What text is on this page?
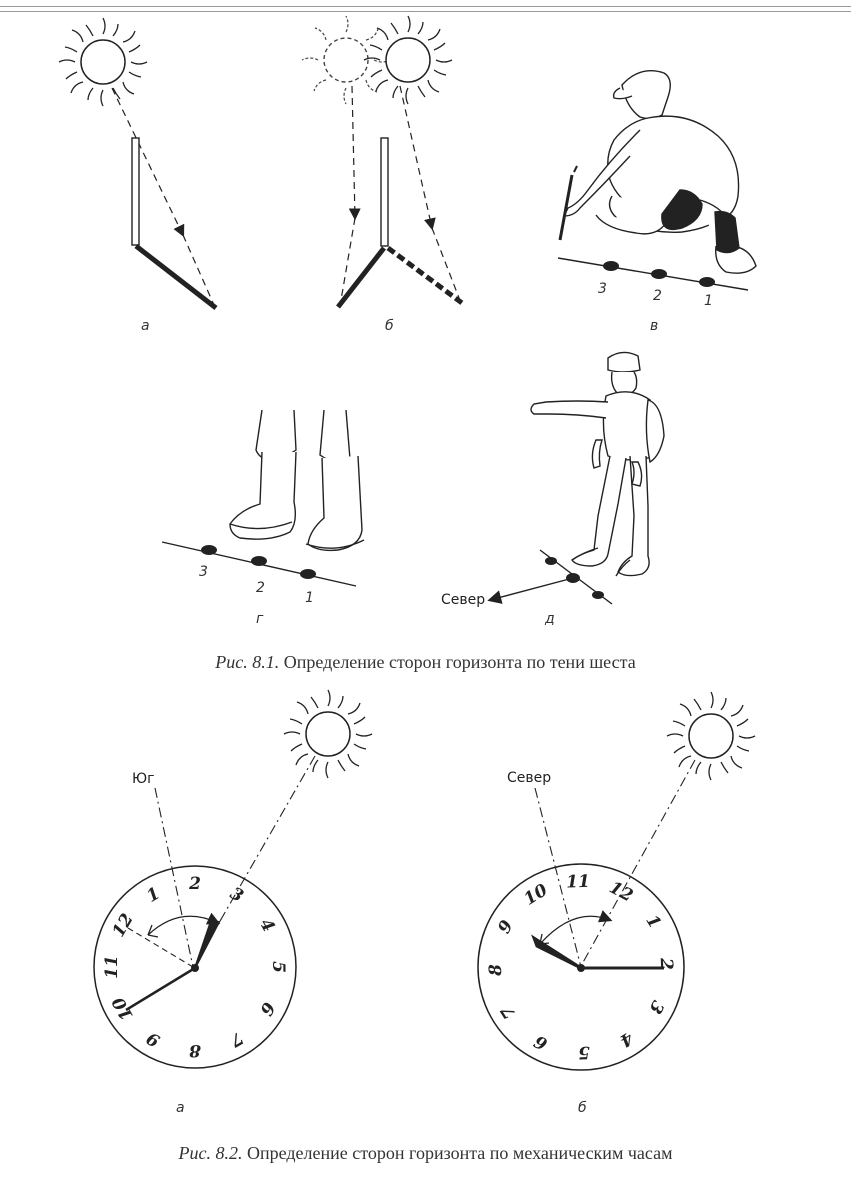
12
1 2 3
4
5
6
7
8
9
10
11
12
1
2
3
4
5
6
7
8
9
10 11
а	б	в
3	2	1
3
2
1
г	д
Север
Рис. 8.1. Определение сторон горизонта по тени шеста
Юг	Север
а	б
Рис. 8.2. Определение сторон горизонта по механическим часам
